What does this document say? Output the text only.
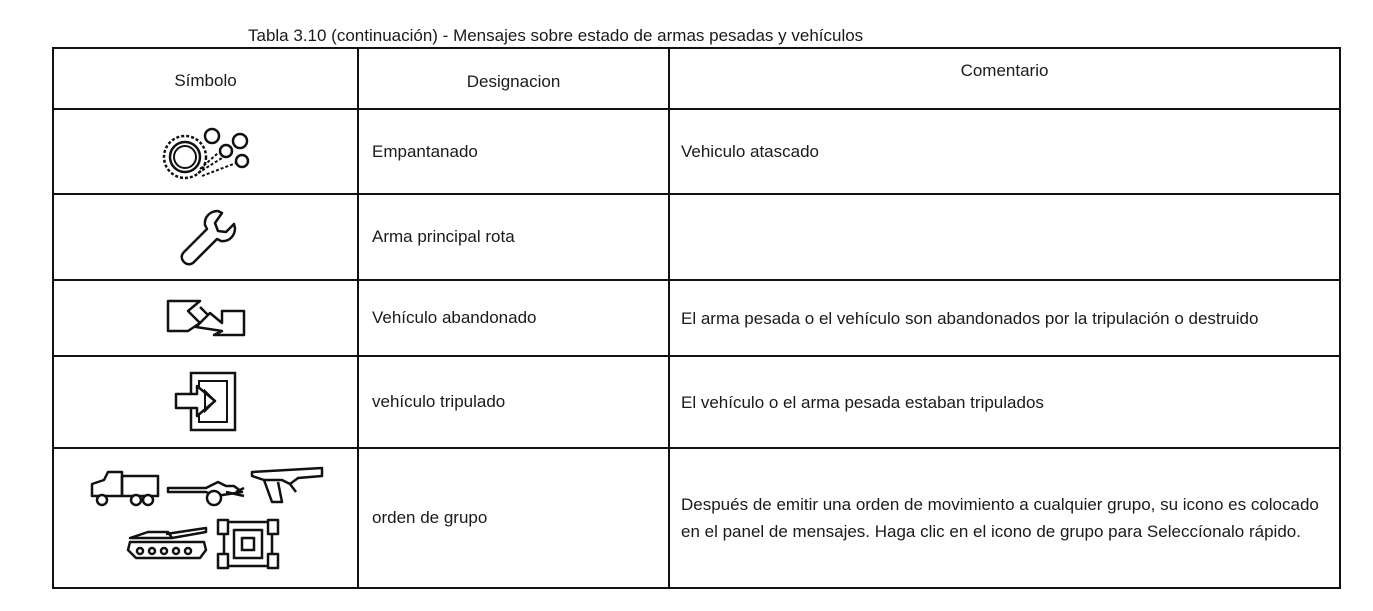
Tabla 3.10 (continuación) - Mensajes sobre estado de armas pesadas y vehículos
Símbolo	Designacion	Comentario

	Empantanado	Vehiculo atascado

	Arma principal rota	

	Vehículo abandonado	El arma pesada o el vehículo son abandonados por la tripulación o destruido

	vehículo tripulado	El vehículo o el arma pesada estaban tripulados

	orden de grupo	Después de emitir una orden de movimiento a cualquier grupo, su icono es colocado en el panel de mensajes. Haga clic en el icono de grupo para Seleccíonalo rápido.
